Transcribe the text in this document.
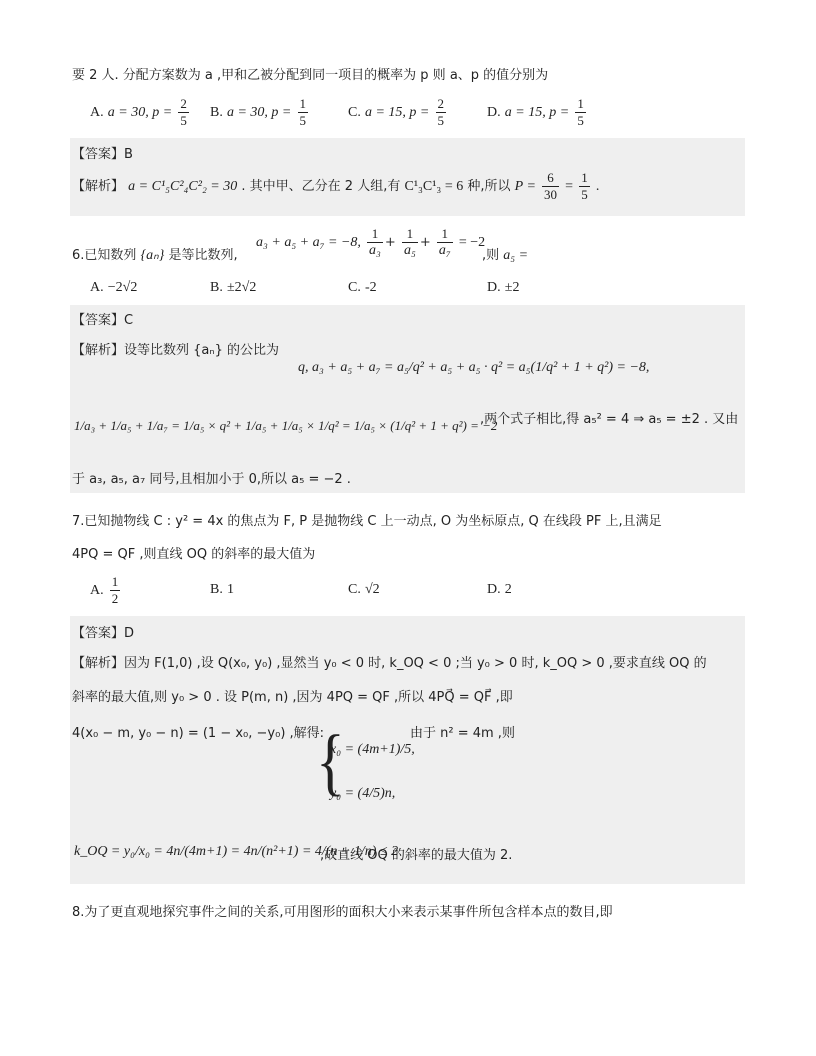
要 2 人. 分配方案数为 a ,甲和乙被分配到同一项目的概率为 p 则 a、p 的值分别为
A. a = 30, $p = \frac{2}{5} B$. a = 30, $p = \frac{1}{5}$	C. a = 15, $p = \frac{2}{5}$	D. a = 15, $p = \frac{1}{5}$
【答案】B
【解析】 a = C¹₅C²₄C²₂ = 30 . 其中甲、乙分在 2 人组,有 C¹₃C¹₃ = 6 种,所以 $P = \frac{6}{30} = \frac{1}{5}$ .
a₃ + a₅ + a₇ = −8, $\frac{1}{\text{a₃}} + \frac{1}{\text{a₅}} + \frac{1}{\text{a₇}} = -2$
6.已知数列 {aₙ} 是等比数列,	,则 a₅ =
A. −2√2	B. ±2√2	C. -2	D. ±2
【答案】C
【解析】设等比数列 {aₙ} 的公比为
q, a₃ + a₅ + a₇ = a₅/q² + a₅ + a₅ · q² = a₅(1/q² + 1 + q²) = −8,
1/a₃ + 1/a₅ + 1/a₇ = 1/a₅ × q² + 1/a₅ + 1/a₅ × 1/q² = 1/a₅ × (1/q² + 1 + q²) = −2
,两个式子相比,得 a₅² = 4 ⇒ a₅ = ±2 . 又由
于 a₃, a₅, a₇ 同号,且相加小于 0,所以 a₅ = −2 .
7.已知抛物线 C : y² = 4x 的焦点为 F, P 是抛物线 C 上一动点, O 为坐标原点, Q 在线段 PF 上,且满足
4PQ = QF ,则直线 OQ 的斜率的最大值为
A. $\frac{1}{2}$	B. 1	C. √2	D. 2
【答案】D
【解析】因为 F(1,0) ,设 Q(x₀, y₀) ,显然当 y₀ < 0 时, k_OQ < 0 ;当 y₀ > 0 时, k_OQ > 0 ,要求直线 OQ 的
斜率的最大值,则 y₀ > 0 . 设 P(m, n) ,因为 4PQ = QF ,所以 4PQ⃗ = QF⃗ ,即
4(x₀ − m, y₀ − n) = (1 − x₀, −y₀) ,解得:	由于 n² = 4m ,则
{
x₀ = (4m+1)/5,
y₀ = (4/5)n,
k_OQ = y₀/x₀ = 4n/(4m+1) = 4n/(n²+1) = 4/(n + 1/n) ≤ 2
,故直线 OQ 的斜率的最大值为 2.
8.为了更直观地探究事件之间的关系,可用图形的面积大小来表示某事件所包含样本点的数目,即
